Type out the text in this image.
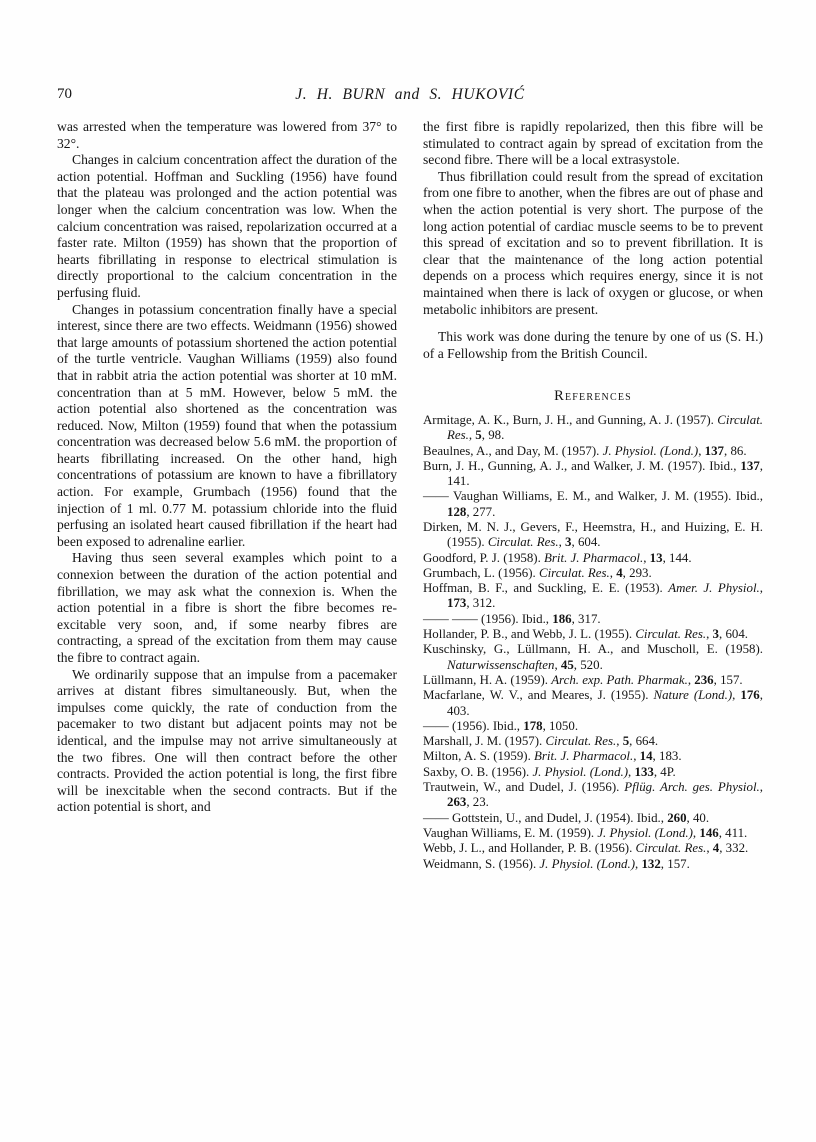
70	J. H. BURN and S. HUKOVIĆ

was arrested when the temperature was lowered from 37° to 32°.

Changes in calcium concentration affect the duration of the action potential. Hoffman and Suckling (1956) have found that the plateau was prolonged and the action potential was longer when the calcium concentration was low. When the calcium concentration was raised, repolarization occurred at a faster rate. Milton (1959) has shown that the proportion of hearts fibrillating in response to electrical stimulation is directly proportional to the calcium concentration in the perfusing fluid.

Changes in potassium concentration finally have a special interest, since there are two effects. Weidmann (1956) showed that large amounts of potassium shortened the action potential of the turtle ventricle. Vaughan Williams (1959) also found that in rabbit atria the action potential was shorter at 10 mM. concentration than at 5 mM. However, below 5 mM. the action potential also shortened as the concentration was reduced. Now, Milton (1959) found that when the potassium concentration was decreased below 5.6 mM. the proportion of hearts fibrillating increased. On the other hand, high concentrations of potassium are known to have a fibrillatory action. For example, Grumbach (1956) found that the injection of 1 ml. 0.77 M. potassium chloride into the fluid perfusing an isolated heart caused fibrillation if the heart had been exposed to adrenaline earlier.

Having thus seen several examples which point to a connexion between the duration of the action potential and fibrillation, we may ask what the connexion is. When the action potential in a fibre is short the fibre becomes re-excitable very soon, and, if some nearby fibres are contracting, a spread of the excitation from them may cause the fibre to contract again.

We ordinarily suppose that an impulse from a pacemaker arrives at distant fibres simultaneously. But, when the impulses come quickly, the rate of conduction from the pacemaker to two distant but adjacent points may not be identical, and the impulse may not arrive simultaneously at the two fibres. One will then contract before the other contracts. Provided the action potential is long, the first fibre will be inexcitable when the second contracts. But if the action potential is short, and

the first fibre is rapidly repolarized, then this fibre will be stimulated to contract again by spread of excitation from the second fibre. There will be a local extrasystole.

Thus fibrillation could result from the spread of excitation from one fibre to another, when the fibres are out of phase and when the action potential is very short. The purpose of the long action potential of cardiac muscle seems to be to prevent this spread of excitation and so to prevent fibrillation. It is clear that the maintenance of the long action potential depends on a process which requires energy, since it is not maintained when there is lack of oxygen or glucose, or when metabolic inhibitors are present.

This work was done during the tenure by one of us (S. H.) of a Fellowship from the British Council.

References
Armitage, A. K., Burn, J. H., and Gunning, A. J. (1957). Circulat. Res., 5, 98.
Beaulnes, A., and Day, M. (1957). J. Physiol. (Lond.), 137, 86.
Burn, J. H., Gunning, A. J., and Walker, J. M. (1957). Ibid., 137, 141.
—— Vaughan Williams, E. M., and Walker, J. M. (1955). Ibid., 128, 277.
Dirken, M. N. J., Gevers, F., Heemstra, H., and Huizing, E. H. (1955). Circulat. Res., 3, 604.
Goodford, P. J. (1958). Brit. J. Pharmacol., 13, 144.
Grumbach, L. (1956). Circulat. Res., 4, 293.
Hoffman, B. F., and Suckling, E. E. (1953). Amer. J. Physiol., 173, 312.
—— —— (1956). Ibid., 186, 317.
Hollander, P. B., and Webb, J. L. (1955). Circulat. Res., 3, 604.
Kuschinsky, G., Lüllmann, H. A., and Muscholl, E. (1958). Naturwissenschaften, 45, 520.
Lüllmann, H. A. (1959). Arch. exp. Path. Pharmak., 236, 157.
Macfarlane, W. V., and Meares, J. (1955). Nature (Lond.), 176, 403.
—— (1956). Ibid., 178, 1050.
Marshall, J. M. (1957). Circulat. Res., 5, 664.
Milton, A. S. (1959). Brit. J. Pharmacol., 14, 183.
Saxby, O. B. (1956). J. Physiol. (Lond.), 133, 4P.
Trautwein, W., and Dudel, J. (1956). Pflüg. Arch. ges. Physiol., 263, 23.
—— Gottstein, U., and Dudel, J. (1954). Ibid., 260, 40.
Vaughan Williams, E. M. (1959). J. Physiol. (Lond.), 146, 411.
Webb, J. L., and Hollander, P. B. (1956). Circulat. Res., 4, 332.
Weidmann, S. (1956). J. Physiol. (Lond.), 132, 157.
